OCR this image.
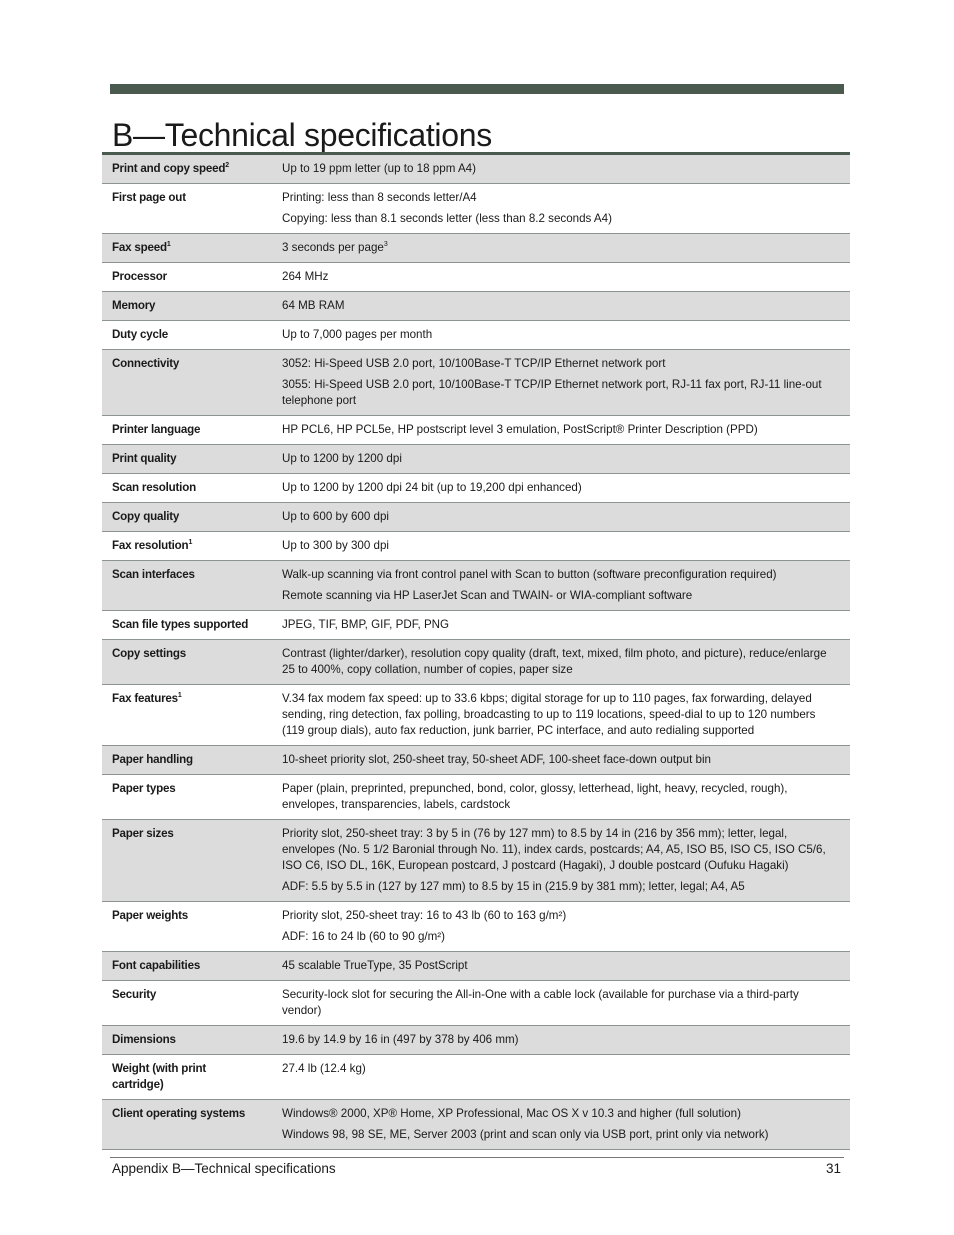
B—Technical specifications
Print and copy speed$^2$	Up to 19 ppm letter (up to 18 ppm A4)

First page out	Printing: less than 8 seconds letter/A4

Copying: less than 8.1 seconds letter (less than 8.2 seconds A4)

Fax speed$^1$	3 seconds per page$^3$

Processor	264 MHz

Memory	64 MB RAM

Duty cycle	Up to 7,000 pages per month

Connectivity	3052: Hi-Speed USB 2.0 port, 10/100Base-T TCP/IP Ethernet network port

3055: Hi-Speed USB 2.0 port, 10/100Base-T TCP/IP Ethernet network port, RJ-11 fax port, RJ-11 line-out telephone port

Printer language	HP PCL6, HP PCL5e, HP postscript level 3 emulation, PostScript® Printer Description (PPD)

Print quality	Up to 1200 by 1200 dpi

Scan resolution	Up to 1200 by 1200 dpi 24 bit (up to 19,200 dpi enhanced)

Copy quality	Up to 600 by 600 dpi

Fax resolution$^1$	Up to 300 by 300 dpi

Scan interfaces	Walk-up scanning via front control panel with Scan to button (software preconfiguration required)

Remote scanning via HP LaserJet Scan and TWAIN- or WIA-compliant software

Scan file types supported	JPEG, TIF, BMP, GIF, PDF, PNG

Copy settings	Contrast (lighter/darker), resolution copy quality (draft, text, mixed, film photo, and picture), reduce/enlarge 25 to 400%, copy collation, number of copies, paper size

Fax features$^1$	V.34 fax modem fax speed: up to 33.6 kbps; digital storage for up to 110 pages, fax forwarding, delayed sending, ring detection, fax polling, broadcasting to up to 119 locations, speed-dial to up to 120 numbers (119 group dials), auto fax reduction, junk barrier, PC interface, and auto redialing supported

Paper handling	10-sheet priority slot, 250-sheet tray, 50-sheet ADF, 100-sheet face-down output bin

Paper types	Paper (plain, preprinted, prepunched, bond, color, glossy, letterhead, light, heavy, recycled, rough), envelopes, transparencies, labels, cardstock

Paper sizes	Priority slot, 250-sheet tray: 3 by 5 in (76 by 127 mm) to 8.5 by 14 in (216 by 356 mm); letter, legal, envelopes (No. 5 1/2 Baronial through No. 11), index cards, postcards; A4, A5, ISO B5, ISO C5, ISO C5/6, ISO C6, ISO DL, 16K, European postcard, J postcard (Hagaki), J double postcard (Oufuku Hagaki)

ADF: 5.5 by 5.5 in (127 by 127 mm) to 8.5 by 15 in (215.9 by 381 mm); letter, legal; A4, A5

Paper weights	Priority slot, 250-sheet tray: 16 to 43 lb (60 to 163 g/m²)

ADF: 16 to 24 lb (60 to 90 g/m²)

Font capabilities	45 scalable TrueType, 35 PostScript

Security	Security-lock slot for securing the All-in-One with a cable lock (available for purchase via a third-party vendor)

Dimensions	19.6 by 14.9 by 16 in (497 by 378 by 406 mm)

Weight (with print cartridge)	27.4 lb (12.4 kg)

Client operating systems	Windows® 2000, XP® Home, XP Professional, Mac OS X v 10.3 and higher (full solution)

Windows 98, 98 SE, ME, Server 2003 (print and scan only via USB port, print only via network)

Appendix B—Technical specifications	31
